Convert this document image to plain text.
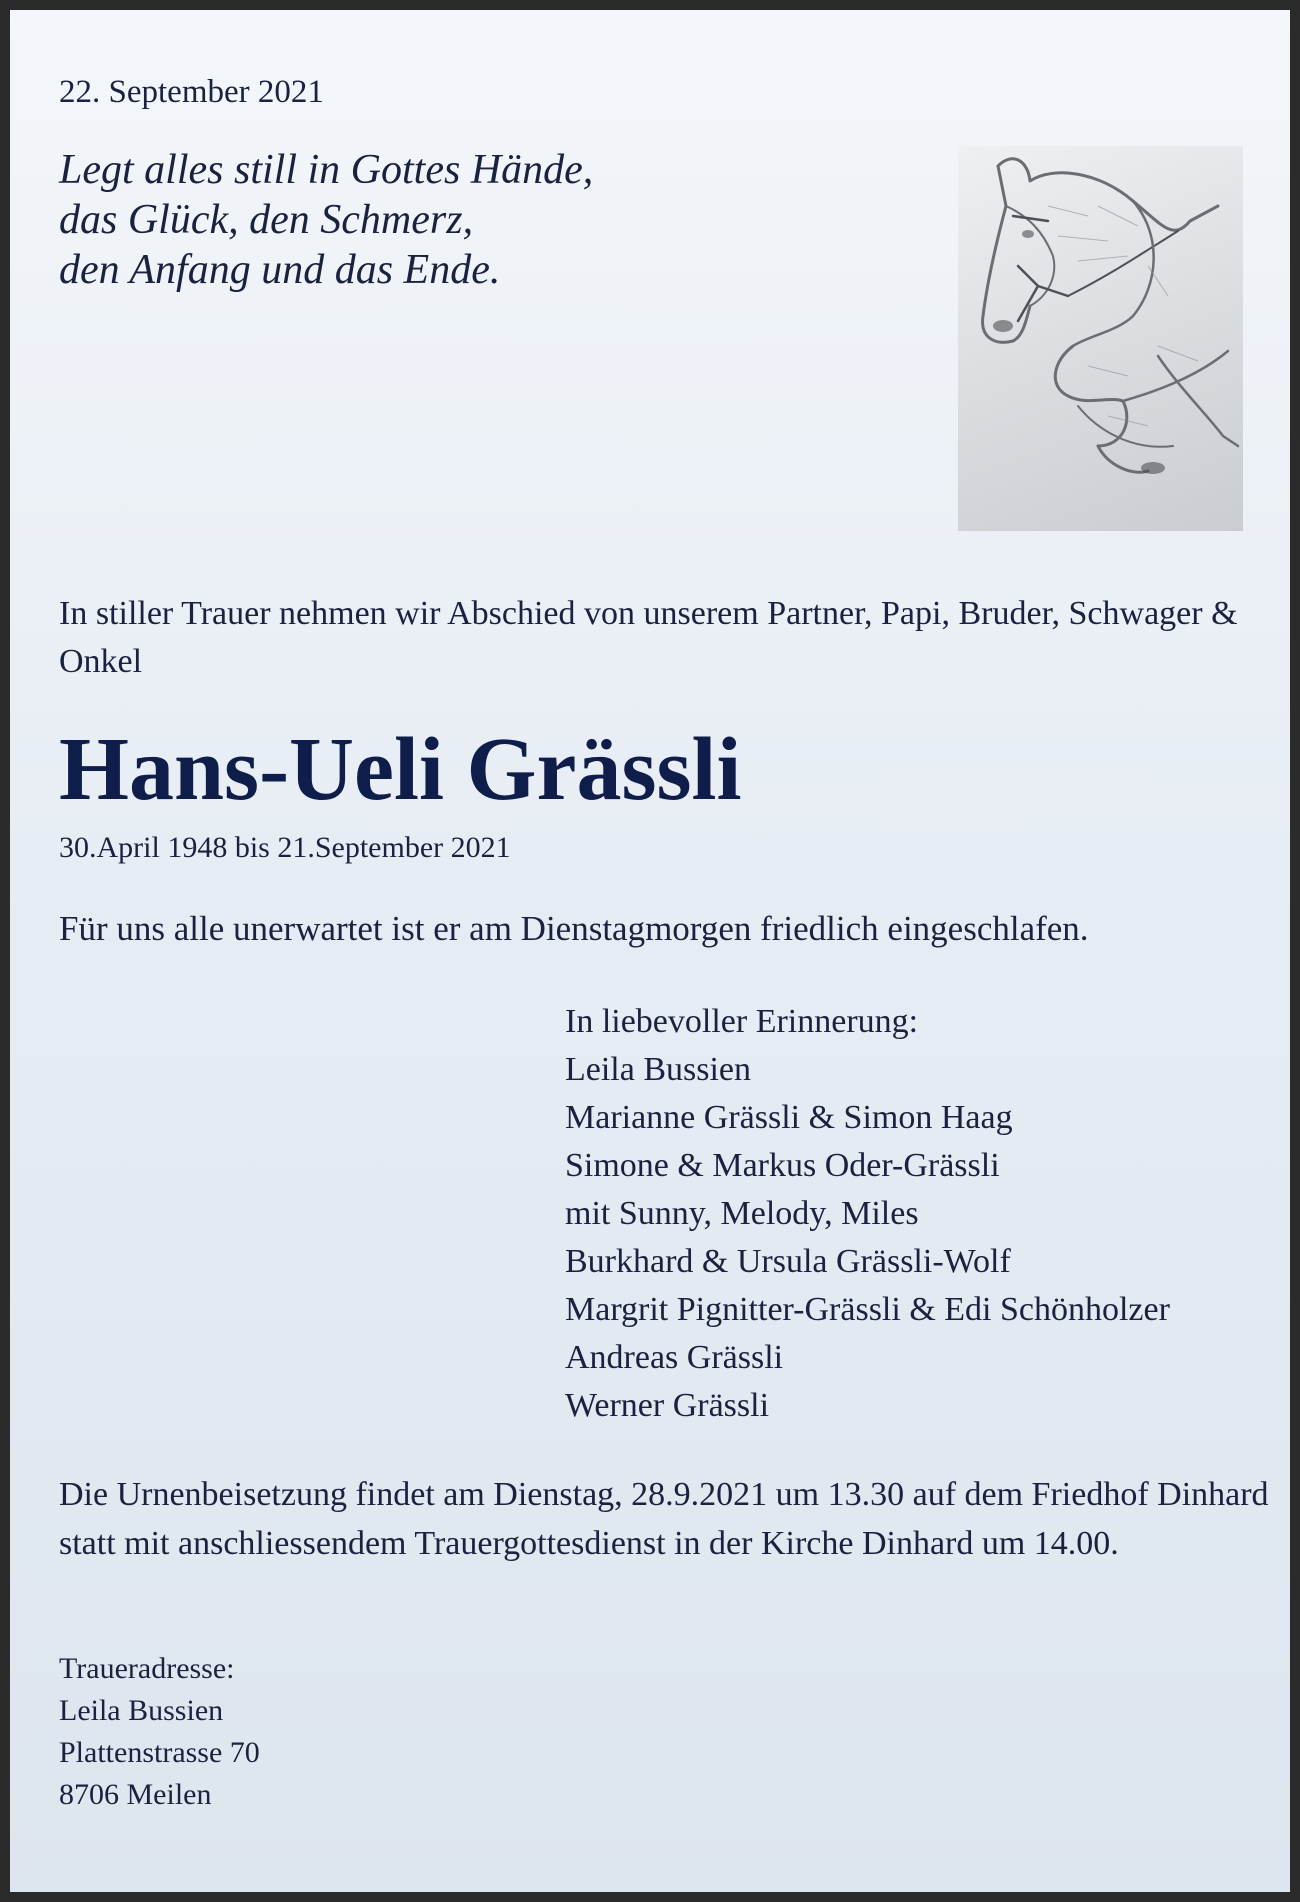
22. September 2021
Legt alles still in Gottes Hände,
das Glück, den Schmerz,
den Anfang und das Ende.
In stiller Trauer nehmen wir Abschied von unserem Partner, Papi, Bruder, Schwager & Onkel
Hans-Ueli Grässli
30.April 1948 bis 21.September 2021
Für uns alle unerwartet ist er am Dienstagmorgen friedlich eingeschlafen.
In liebevoller Erinnerung:
Leila Bussien
Marianne Grässli & Simon Haag
Simone & Markus Oder-Grässli
mit Sunny, Melody, Miles
Burkhard & Ursula Grässli-Wolf
Margrit Pignitter-Grässli & Edi Schönholzer
Andreas Grässli
Werner Grässli
Die Urnenbeisetzung findet am Dienstag, 28.9.2021 um 13.30 auf dem Friedhof Dinhard statt mit anschliessendem Trauergottesdienst in der Kirche Dinhard um 14.00.
Traueradresse:
Leila Bussien
Plattenstrasse 70
8706 Meilen
